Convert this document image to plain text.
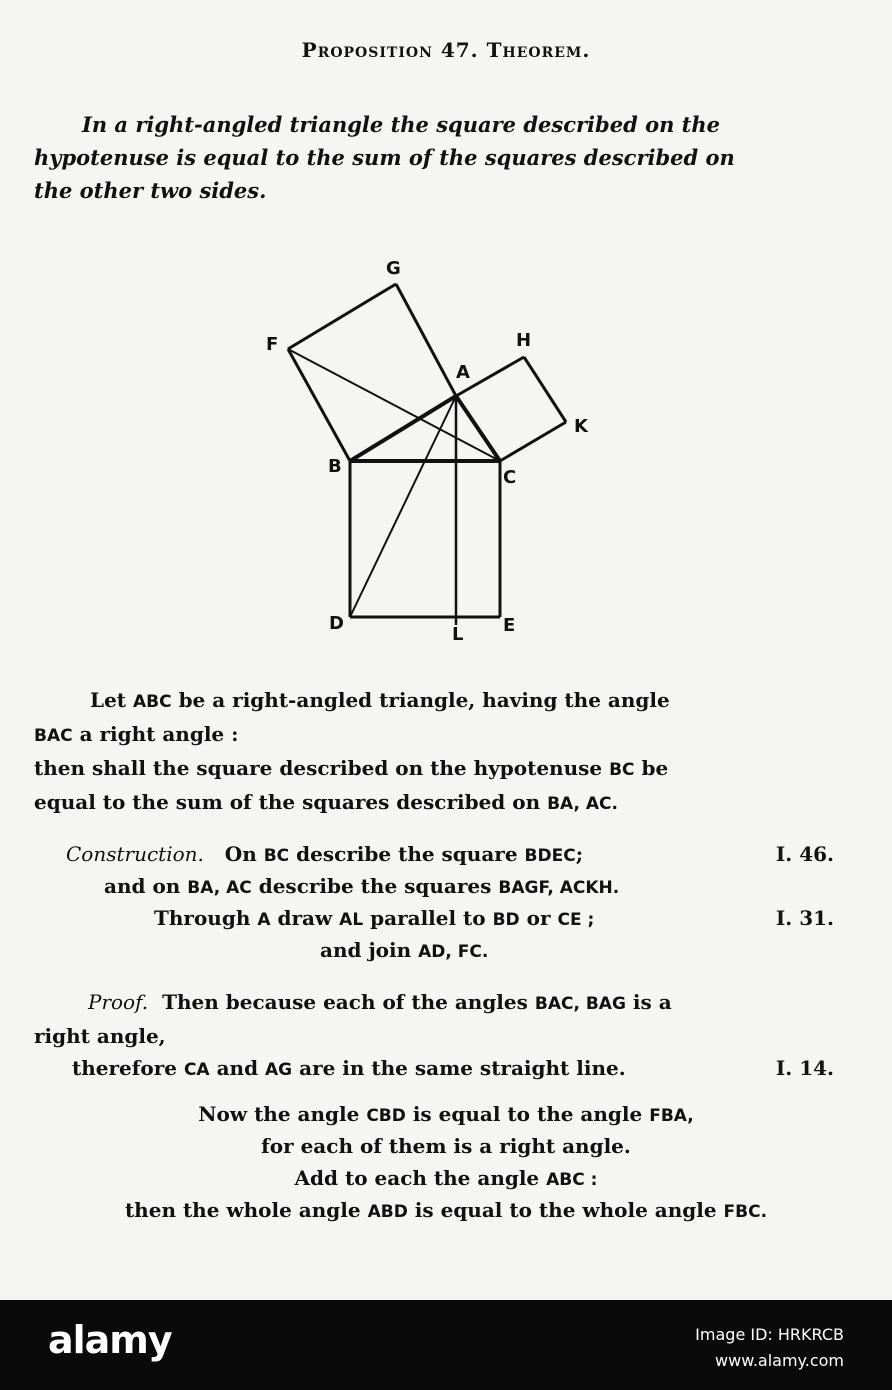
Proposition 47. Theorem.
In a right-angled triangle the square described on the
hypotenuse is equal to the sum of the squares described on
the other two sides.
G
F	H
A
K
B
C
D
L E
Let ABC be a right-angled triangle, having the angle
BAC a right angle :
then shall the square described on the hypotenuse BC be
equal to the sum of the squares described on BA, AC.
Construction. On BC describe the square BDEC;	I. 46.
and on BA, AC describe the squares BAGF, ACKH.
Through A draw AL parallel to BD or CE ;	I. 31.
and join AD, FC.
Proof. Then because each of the angles BAC, BAG is a
right angle,
therefore CA and AG are in the same straight line.	I. 14.
Now the angle CBD is equal to the angle FBA,
for each of them is a right angle.
Add to each the angle ABC :
then the whole angle ABD is equal to the whole angle FBC.
alamy	Image ID: HRKRCB
www.alamy.com
